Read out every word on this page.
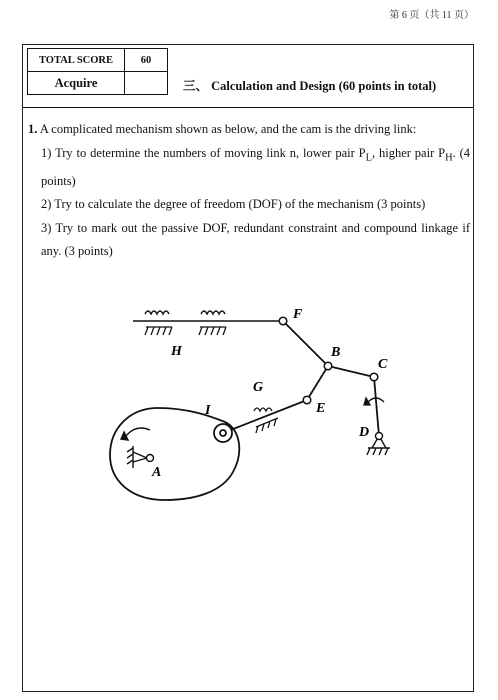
第 6 页（共 11 页）
TOTAL SCORE	60
Acquire		三、 Calculation and Design (60 points in total)

1. A complicated mechanism shown as below, and the cam is the driving link:

1) Try to determine the numbers of moving link n, lower pair $P_L$, higher pair $P_H$. (4 points)

2) Try to calculate the degree of freedom (DOF) of the mechanism (3 points)

3) Try to mark out the passive DOF, redundant constraint and compound linkage if any. (3 points)

F
H	B
C
G
E
I
D
A
